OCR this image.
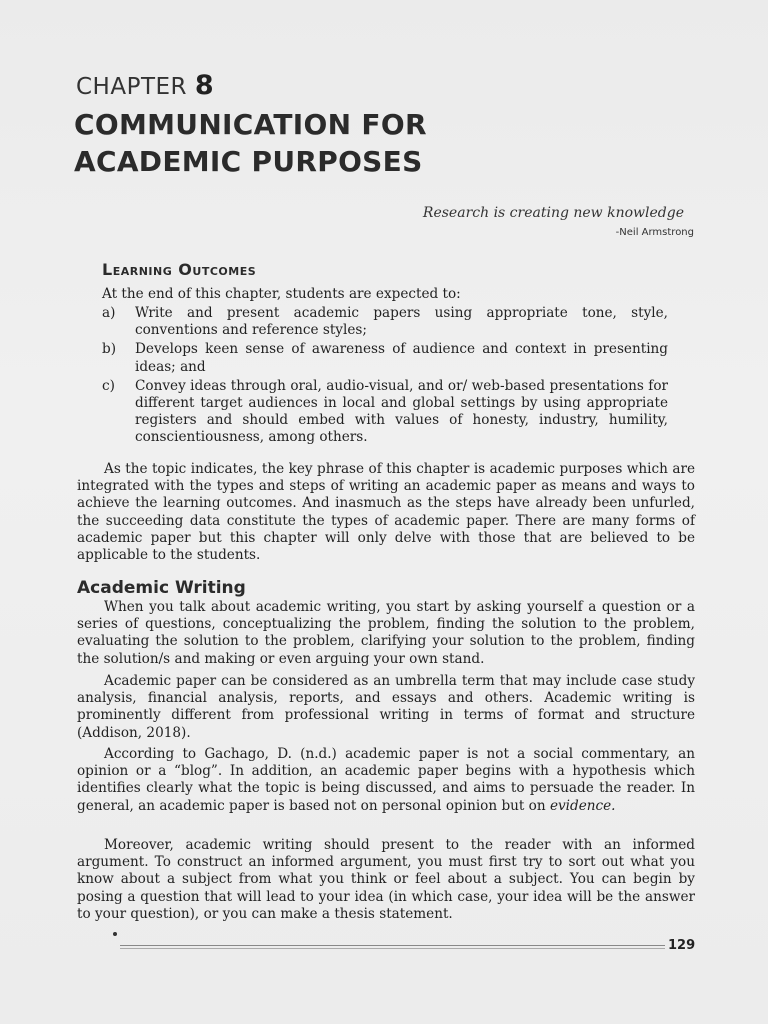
CHAPTER 8
COMMUNICATION FOR
ACADEMIC PURPOSES
Research is creating new knowledge
-Neil Armstrong
Learning Outcomes
At the end of this chapter, students are expected to:
a) Write and present academic papers using appropriate tone, style, conventions and reference styles;
b) Develops keen sense of awareness of audience and context in presenting ideas; and
c) Convey ideas through oral, audio-visual, and or/ web-based presentations for different target audiences in local and global settings by using appropriate registers and should embed with values of honesty, industry, humility, conscientiousness, among others.
As the topic indicates, the key phrase of this chapter is academic purposes which are integrated with the types and steps of writing an academic paper as means and ways to achieve the learning outcomes. And inasmuch as the steps have already been unfurled, the succeeding data constitute the types of academic paper. There are many forms of academic paper but this chapter will only delve with those that are believed to be applicable to the students.
Academic Writing
When you talk about academic writing, you start by asking yourself a question or a series of questions, conceptualizing the problem, finding the solution to the problem, evaluating the solution to the problem, clarifying your solution to the problem, finding the solution/s and making or even arguing your own stand.
Academic paper can be considered as an umbrella term that may include case study analysis, financial analysis, reports, and essays and others. Academic writing is prominently different from professional writing in terms of format and structure (Addison, 2018).
According to Gachago, D. (n.d.) academic paper is not a social commentary, an opinion or a “blog”. In addition, an academic paper begins with a hypothesis which identifies clearly what the topic is being discussed, and aims to persuade the reader. In general, an academic paper is based not on personal opinion but on evidence.
Moreover, academic writing should present to the reader with an informed argument. To construct an informed argument, you must first try to sort out what you know about a subject from what you think or feel about a subject. You can begin by posing a question that will lead to your idea (in which case, your idea will be the answer to your question), or you can make a thesis statement.
129
